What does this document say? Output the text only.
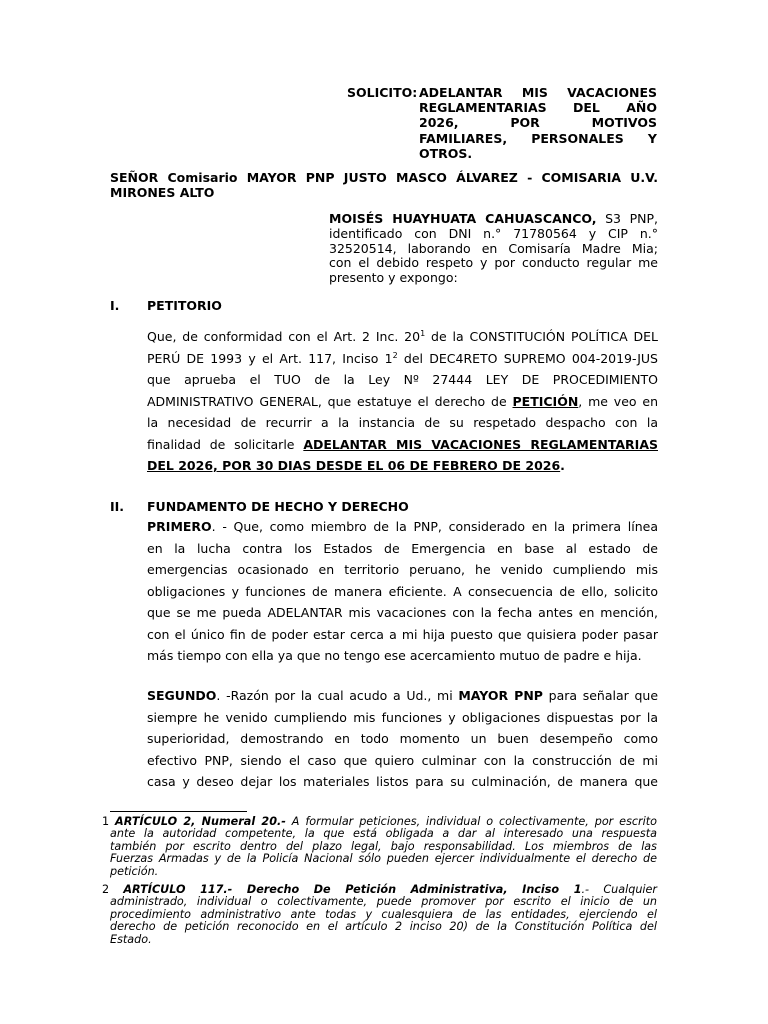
SOLICITO: ADELANTAR MIS VACACIONES
REGLAMENTARIAS DEL AÑO
2026, POR MOTIVOS
FAMILIARES, PERSONALES Y
OTROS.
SEÑOR Comisario MAYOR PNP JUSTO MASCO ÁLVAREZ - COMISARIA U.V.
MIRONES ALTO
MOISÉS HUAYHUATA CAHUASCANCO, S3 PNP,
identificado con DNI n.° 71780564 y CIP n.°
32520514, laborando en Comisaría Madre Mia;
con el debido respeto y por conducto regular me
presento y expongo:
I. PETITORIO
Que, de conformidad con el Art. 2 Inc. $20^1$ de la CONSTITUCIÓN POLÍTICA DEL
PERÚ DE 1993 y el Art. 117, Inciso $1^2$ del DEC4RETO SUPREMO 004-2019-JUS
que aprueba el TUO de la Ley Nº 27444 LEY DE PROCEDIMIENTO
ADMINISTRATIVO GENERAL, que estatuye el derecho de PETICIÓN, me veo en
la necesidad de recurrir a la instancia de su respetado despacho con la
finalidad de solicitarle ADELANTAR MIS VACACIONES REGLAMENTARIAS
DEL 2026, POR 30 DIAS DESDE EL 06 DE FEBRERO DE 2026.
II. FUNDAMENTO DE HECHO Y DERECHO
PRIMERO. - Que, como miembro de la PNP, considerado en la primera línea
en la lucha contra los Estados de Emergencia en base al estado de
emergencias ocasionado en territorio peruano, he venido cumpliendo mis
obligaciones y funciones de manera eficiente. A consecuencia de ello, solicito
que se me pueda ADELANTAR mis vacaciones con la fecha antes en mención,
con el único fin de poder estar cerca a mi hija puesto que quisiera poder pasar
más tiempo con ella ya que no tengo ese acercamiento mutuo de padre e hija.
SEGUNDO. -Razón por la cual acudo a Ud., mi MAYOR PNP para señalar que
siempre he venido cumpliendo mis funciones y obligaciones dispuestas por la
superioridad, demostrando en todo momento un buen desempeño como
efectivo PNP, siendo el caso que quiero culminar con la construcción de mi
casa y deseo dejar los materiales listos para su culminación, de manera que
1 ARTÍCULO 2, Numeral 20.- A formular peticiones, individual o colectivamente, por escrito
ante la autoridad competente, la que está obligada a dar al interesado una respuesta
también por escrito dentro del plazo legal, bajo responsabilidad. Los miembros de las
Fuerzas Armadas y de la Policía Nacional sólo pueden ejercer individualmente el derecho de
petición.
2 ARTÍCULO 117.- Derecho De Petición Administrativa, Inciso 1.- Cualquier
administrado, individual o colectivamente, puede promover por escrito el inicio de un
procedimiento administrativo ante todas y cualesquiera de las entidades, ejerciendo el
derecho de petición reconocido en el artículo 2 inciso 20) de la Constitución Política del
Estado.
